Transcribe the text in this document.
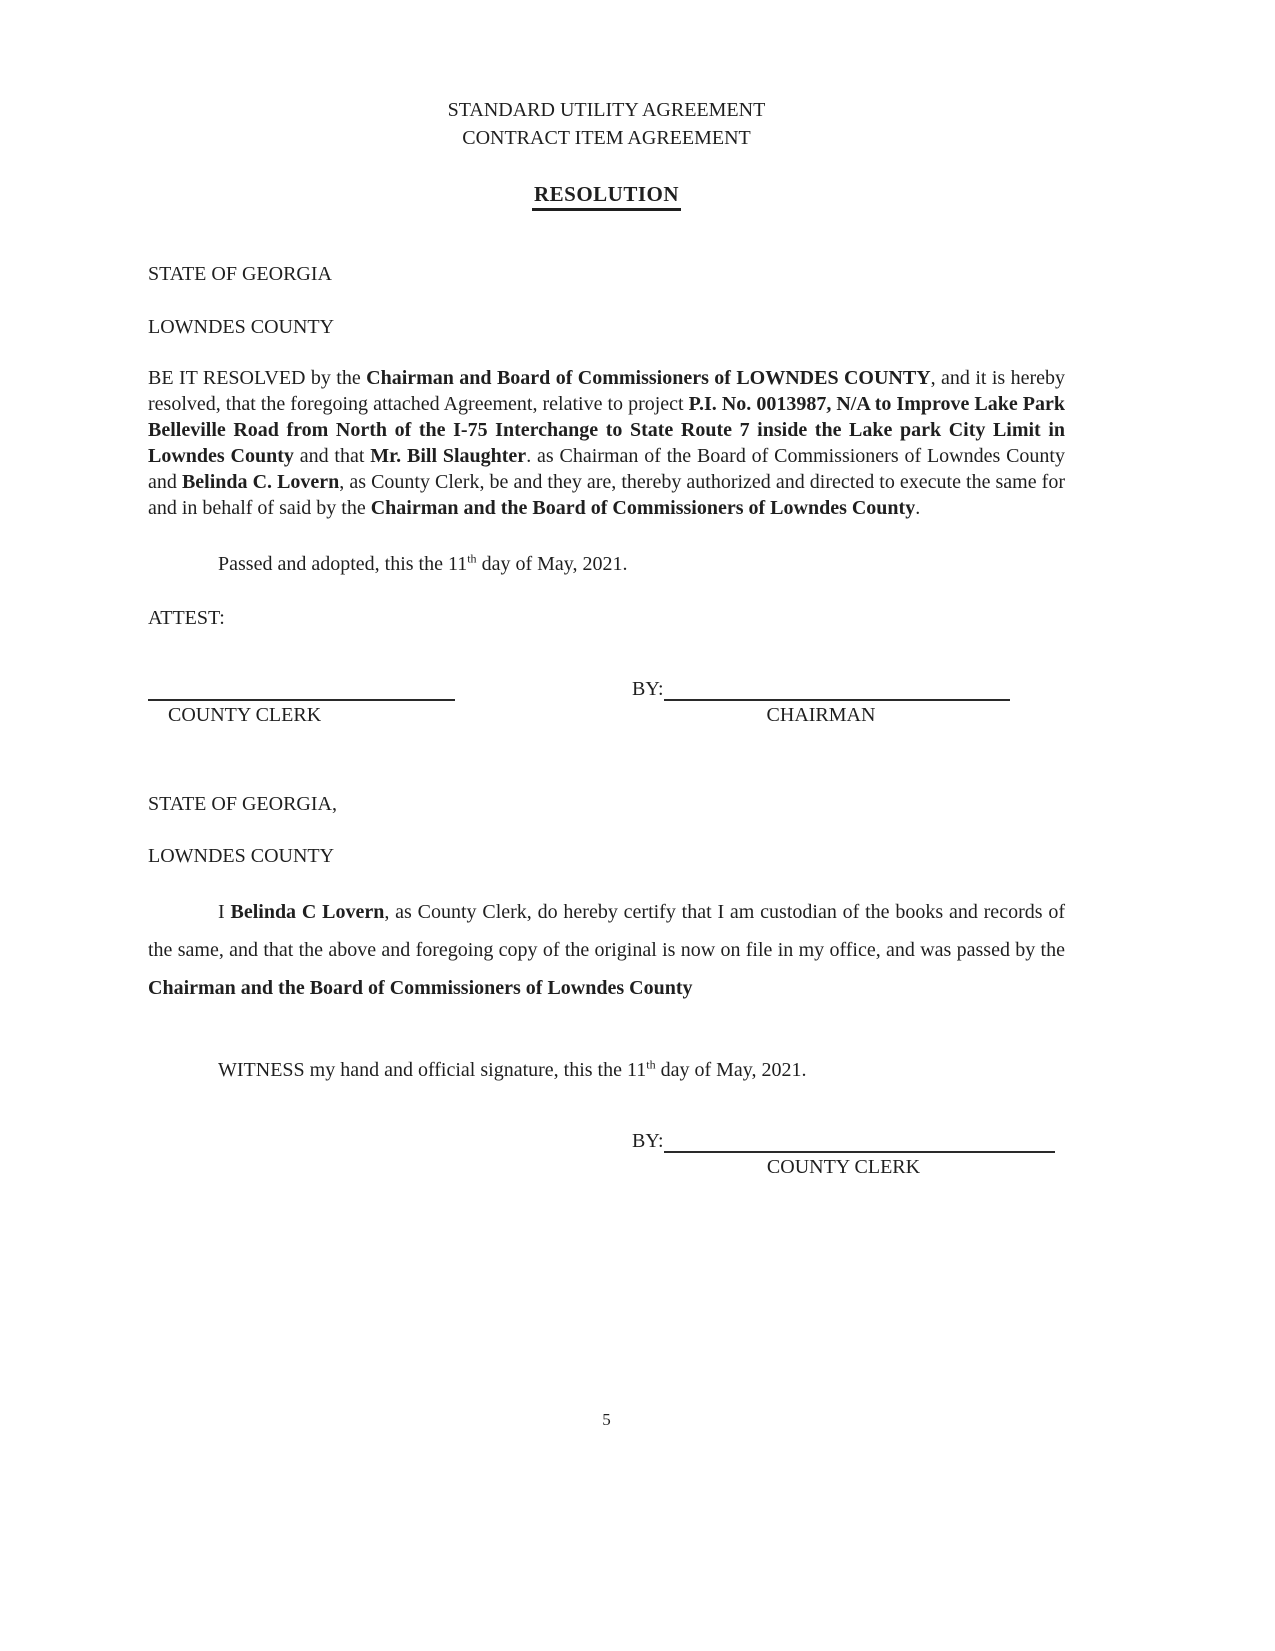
STANDARD UTILITY AGREEMENT
CONTRACT ITEM AGREEMENT
RESOLUTION

STATE OF GEORGIA

LOWNDES COUNTY

BE IT RESOLVED by the Chairman and Board of Commissioners of LOWNDES COUNTY, and it is hereby resolved, that the foregoing attached Agreement, relative to project P.I. No. 0013987, N/A to Improve Lake Park Belleville Road from North of the I-75 Interchange to State Route 7 inside the Lake park City Limit in Lowndes County and that Mr. Bill Slaughter. as Chairman of the Board of Commissioners of Lowndes County and Belinda C. Lovern, as County Clerk, be and they are, thereby authorized and directed to execute the same for and in behalf of said by the Chairman and the Board of Commissioners of Lowndes County.

Passed and adopted, this the 11th day of May, 2021.

ATTEST:

COUNTY CLERK
BY:
CHAIRMAN

STATE OF GEORGIA,

LOWNDES COUNTY

I Belinda C Lovern, as County Clerk, do hereby certify that I am custodian of the books and records of the same, and that the above and foregoing copy of the original is now on file in my office, and was passed by the Chairman and the Board of Commissioners of Lowndes County

WITNESS my hand and official signature, this the 11th day of May, 2021.

BY:
COUNTY CLERK
5
